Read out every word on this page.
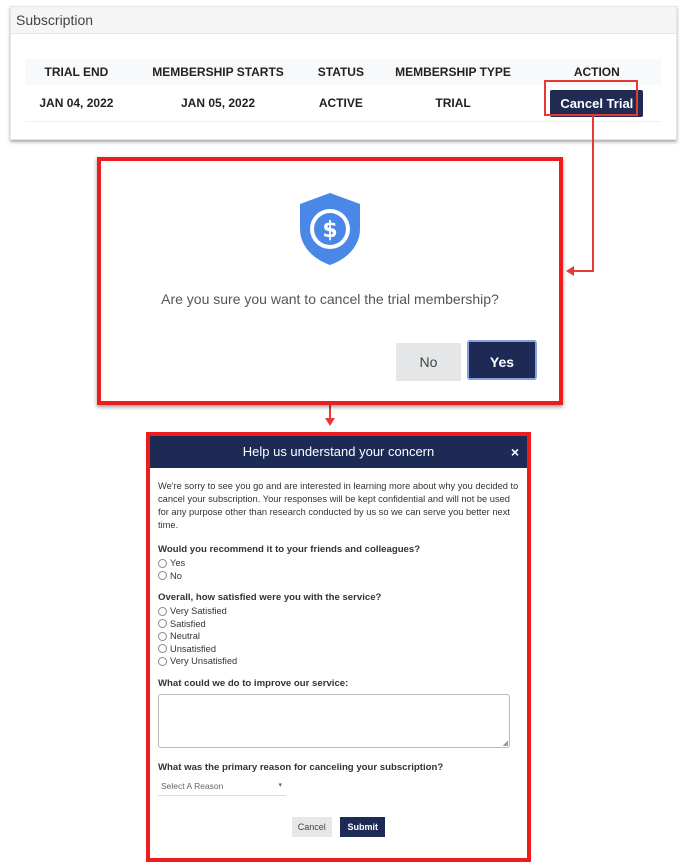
Subscription
TRIAL END	MEMBERSHIP STARTS	STATUS	MEMBERSHIP TYPE	ACTION
JAN 04, 2022	JAN 05, 2022	ACTIVE	TRIAL	Cancel Trial
$
Are you sure you want to cancel the trial membership?
No	Yes
Help us understand your concern	×

We're sorry to see you go and are interested in learning more about why you decided to cancel your subscription. Your responses will be kept confidential and will not be used for any purpose other than research conducted by us so we can serve you better next time.

Would you recommend it to your friends and colleagues?
Yes
No
Overall, how satisfied were you with the service?
Very Satisfied
Satisfied
Neutral
Unsatisfied
Very Unsatisfied
What could we do to improve our service:
◢
What was the primary reason for canceling your subscription?
Select A Reason	▾
Cancel Submit
